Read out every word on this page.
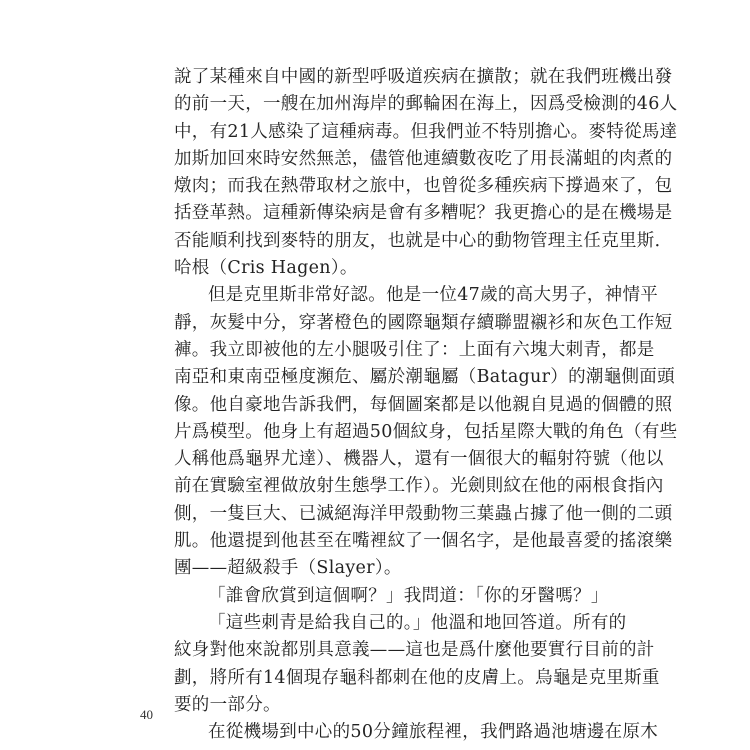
說了某種來自中國的新型呼吸道疾病在擴散；就在我們班機出發
的前一天，一艘在加州海岸的郵輪困在海上，因爲受檢測的46人
中，有21人感染了這種病毒。但我們並不特別擔心。麥特從馬達
加斯加回來時安然無恙，儘管他連續數夜吃了用長滿蛆的肉煮的
燉肉；而我在熱帶取材之旅中，也曾從多種疾病下撐過來了，包
括登革熱。這種新傳染病是會有多糟呢？我更擔心的是在機場是
否能順利找到麥特的朋友，也就是中心的動物管理主任克里斯．
哈根（Cris Hagen）。
但是克里斯非常好認。他是一位47歲的高大男子，神情平
靜，灰髮中分，穿著橙色的國際龜類存續聯盟襯衫和灰色工作短
褲。我立即被他的左小腿吸引住了：上面有六塊大刺青，都是
南亞和東南亞極度瀕危、屬於潮龜屬（Batagur）的潮龜側面頭
像。他自豪地告訴我們，每個圖案都是以他親自見過的個體的照
片爲模型。他身上有超過50個紋身，包括星際大戰的角色（有些
人稱他爲龜界尤達）、機器人，還有一個很大的輻射符號（他以
前在實驗室裡做放射生態學工作）。光劍則紋在他的兩根食指內
側，一隻巨大、已滅絕海洋甲殼動物三葉蟲占據了他一側的二頭
肌。他還提到他甚至在嘴裡紋了一個名字，是他最喜愛的搖滾樂
團——超級殺手（Slayer）。
「誰會欣賞到這個啊？」我問道：「你的牙醫嗎？」
「這些刺青是給我自己的。」他溫和地回答道。所有的
紋身對他來說都別具意義——這也是爲什麼他要實行目前的計
劃，將所有14個現存龜科都刺在他的皮膚上。烏龜是克里斯重
要的一部分。
在從機場到中心的50分鐘旅程裡，我們路過池塘邊在原木
40
